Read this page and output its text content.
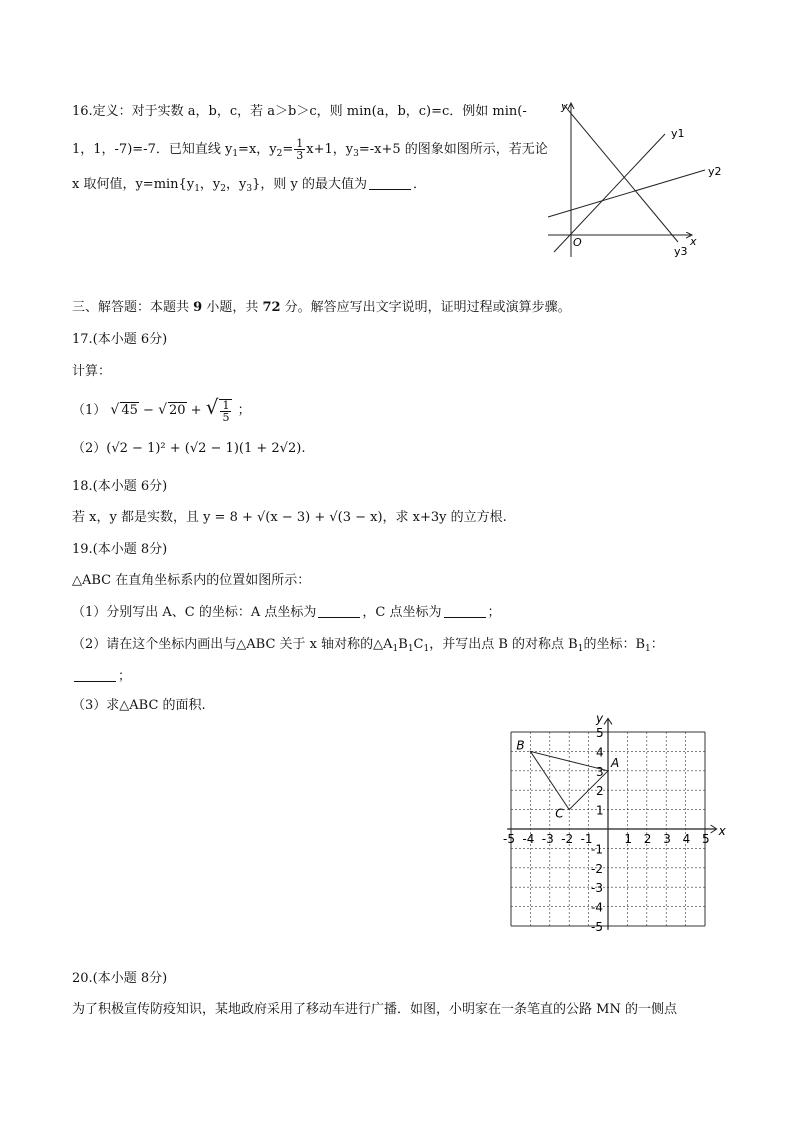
16.定义：对于实数 a，b，c，若 a＞b＞c，则 min(a，b，c)=c．例如 min(-
1，1，-7)=-7．已知直线 $y_1=x$，$y_2= \frac{1}{3} x+1$，$y_3=-x+5$ 的图象如图所示，若无论
x 取何值，$y=\min\{y_1$，$y_2$，$y_3$}，则 y 的最大值为	．
y
x
O
y1
y2
y3
三、解答题：本题共 9 小题，共 72 分。解答应写出文字说明，证明过程或演算步骤。
17.(本小题 6分)
计算：
（1） √ 45 − √ 20 + √ $\frac{1}{5}$ ；
（2）(√2 − 1)² + (√2 − 1)(1 + 2√2).
18.(本小题 6分)
若 x，y 都是实数，且 y = 8 + √(x − 3) + √(3 − x)，求 x+3y 的立方根.
19.(本小题 8分)
△ABC 在直角坐标系内的位置如图所示：
（1）分别写出 A、C 的坐标：A 点坐标为	，C 点坐标为	；
（2）请在这个坐标内画出与△ABC 关于 x 轴对称的$\triangle A_1B_1C_1$，并写出点 B 的对称点 $B_1$的坐标：$B_1$：
；
（3）求△ABC 的面积.
x
y
-5 -4 -3 -2 -1	1 2 3 4 5
5
4
3
2
1
-1
-2
-3
-4
-5
A
B
C
20.(本小题 8分)
为了积极宣传防疫知识，某地政府采用了移动车进行广播．如图，小明家在一条笔直的公路 MN 的一侧点
